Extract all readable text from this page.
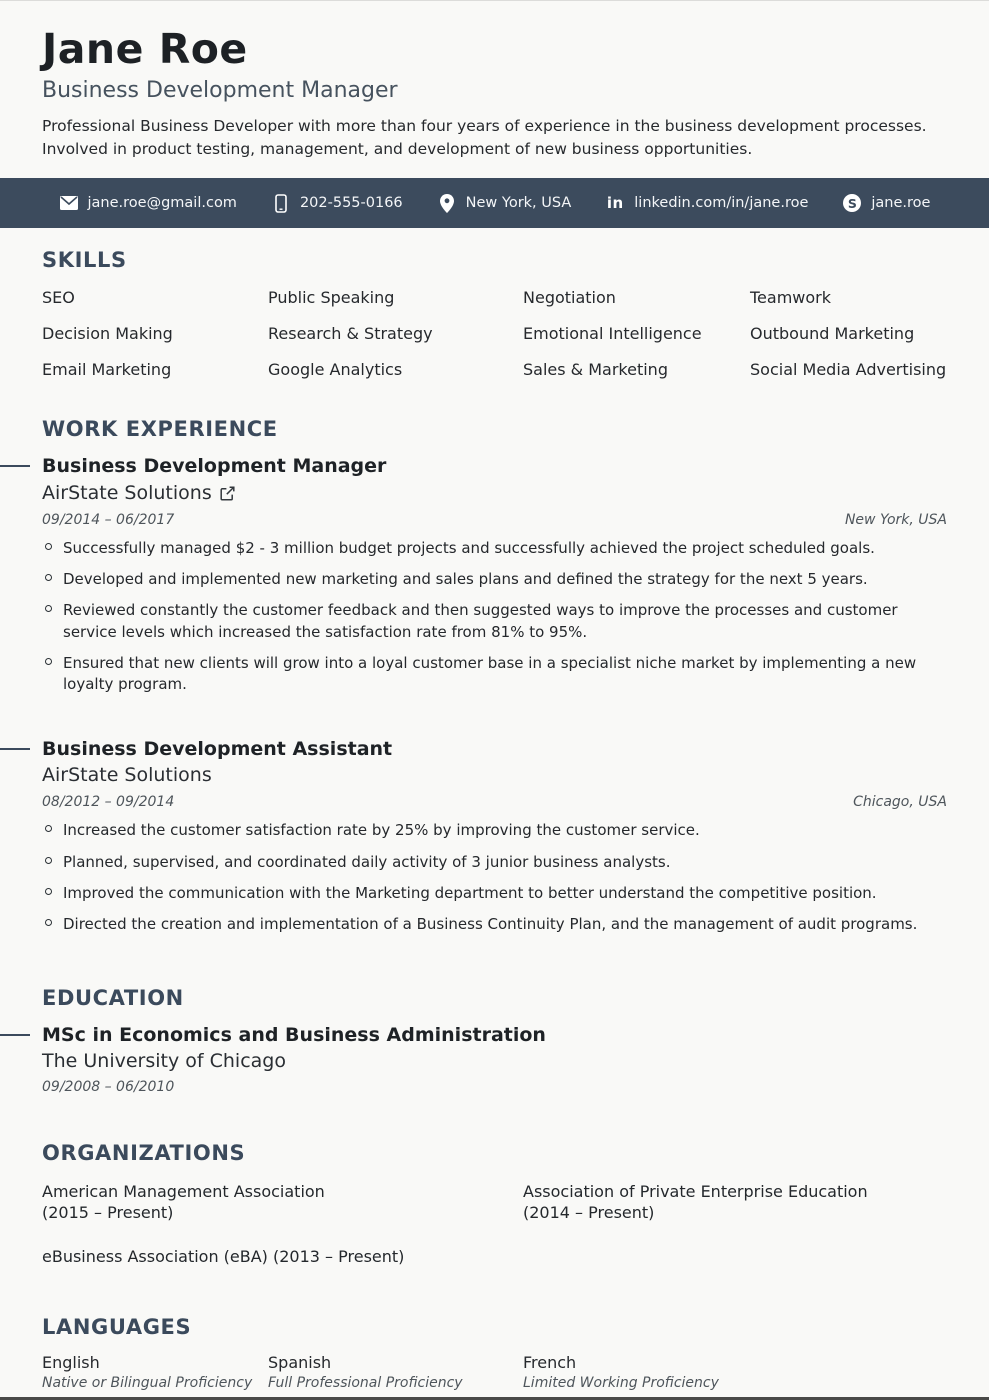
Jane Roe
Business Development Manager

Professional Business Developer with more than four years of experience in the business development processes. Involved in product testing, management, and development of new business opportunities.

jane.roe@gmail.com	202-555-0166	New York, USA in linkedin.com/in/jane.roe	S	jane.roe
SKILLS
SEO	Public Speaking	Negotiation	Teamwork
Decision Making	Research & Strategy	Emotional Intelligence	Outbound Marketing
Email Marketing	Google Analytics	Sales & Marketing	Social Media Advertising
WORK EXPERIENCE
Business Development Manager
AirState Solutions
09/2014 – 06/2017	New York, USA
Successfully managed $2 - 3 million budget projects and successfully achieved the project scheduled goals.
Developed and implemented new marketing and sales plans and defined the strategy for the next 5 years.
Reviewed constantly the customer feedback and then suggested ways to improve the processes and customer service levels which increased the satisfaction rate from 81% to 95%.
Ensured that new clients will grow into a loyal customer base in a specialist niche market by implementing a new loyalty program.
Business Development Assistant
AirState Solutions
08/2012 – 09/2014	Chicago, USA
Increased the customer satisfaction rate by 25% by improving the customer service.
Planned, supervised, and coordinated daily activity of 3 junior business analysts.
Improved the communication with the Marketing department to better understand the competitive position.
Directed the creation and implementation of a Business Continuity Plan, and the management of audit programs.
EDUCATION
MSc in Economics and Business Administration
The University of Chicago
09/2008 – 06/2010
ORGANIZATIONS
American Management Association
(2015 – Present)
Association of Private Enterprise Education
(2014 – Present)
eBusiness Association (eBA) (2013 – Present)
LANGUAGES
English
Native or Bilingual Proficiency
Spanish
Full Professional Proficiency
French
Limited Working Proficiency
